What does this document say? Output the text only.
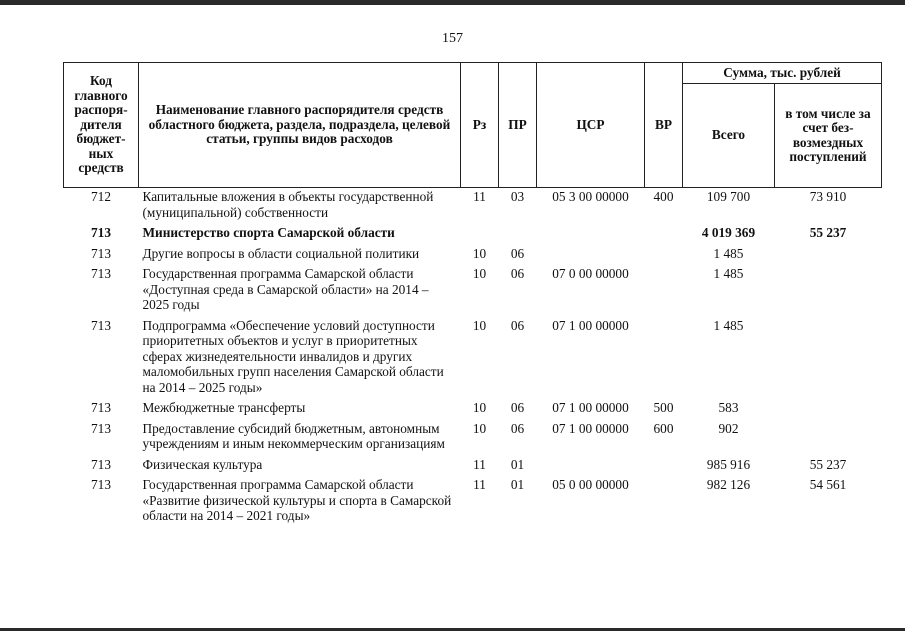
157
Код главного распоря- дителя бюджет- ных средств	Наименование главного распорядителя средств областного бюджета, раздела, подраздела, целевой статьи, группы видов расходов	Рз	ПР	ЦСР	ВР	Сумма, тыс. рублей	
						Всего	в том числе за счет без- возмездных поступлений
712	Капитальные вложения в объекты государственной (муниципальной) собственности	11	03	05 3 00 00000	400	109 700	73 910
713	Министерство спорта Самарской области					4 019 369	55 237
713	Другие вопросы в области социальной политики	10	06			1 485	
713	Государственная программа Самарской области «Доступная среда в Самарской области» на 2014 – 2025 годы	10	06	07 0 00 00000		1 485	
713	Подпрограмма «Обеспечение условий доступности приоритетных объектов и услуг в приоритетных сферах жизнедеятельности инвалидов и других маломобильных групп населения Самарской области на 2014 – 2025 годы»	10	06	07 1 00 00000		1 485	
713	Межбюджетные трансферты	10	06	07 1 00 00000	500	583	
713	Предоставление субсидий бюджетным, автономным учреждениям и иным некоммерческим организациям	10	06	07 1 00 00000	600	902	
713	Физическая культура	11	01			985 916	55 237
713	Государственная программа Самарской области «Развитие физической культуры и спорта в Самарской области на 2014 – 2021 годы»	11	01	05 0 00 00000		982 126	54 561
